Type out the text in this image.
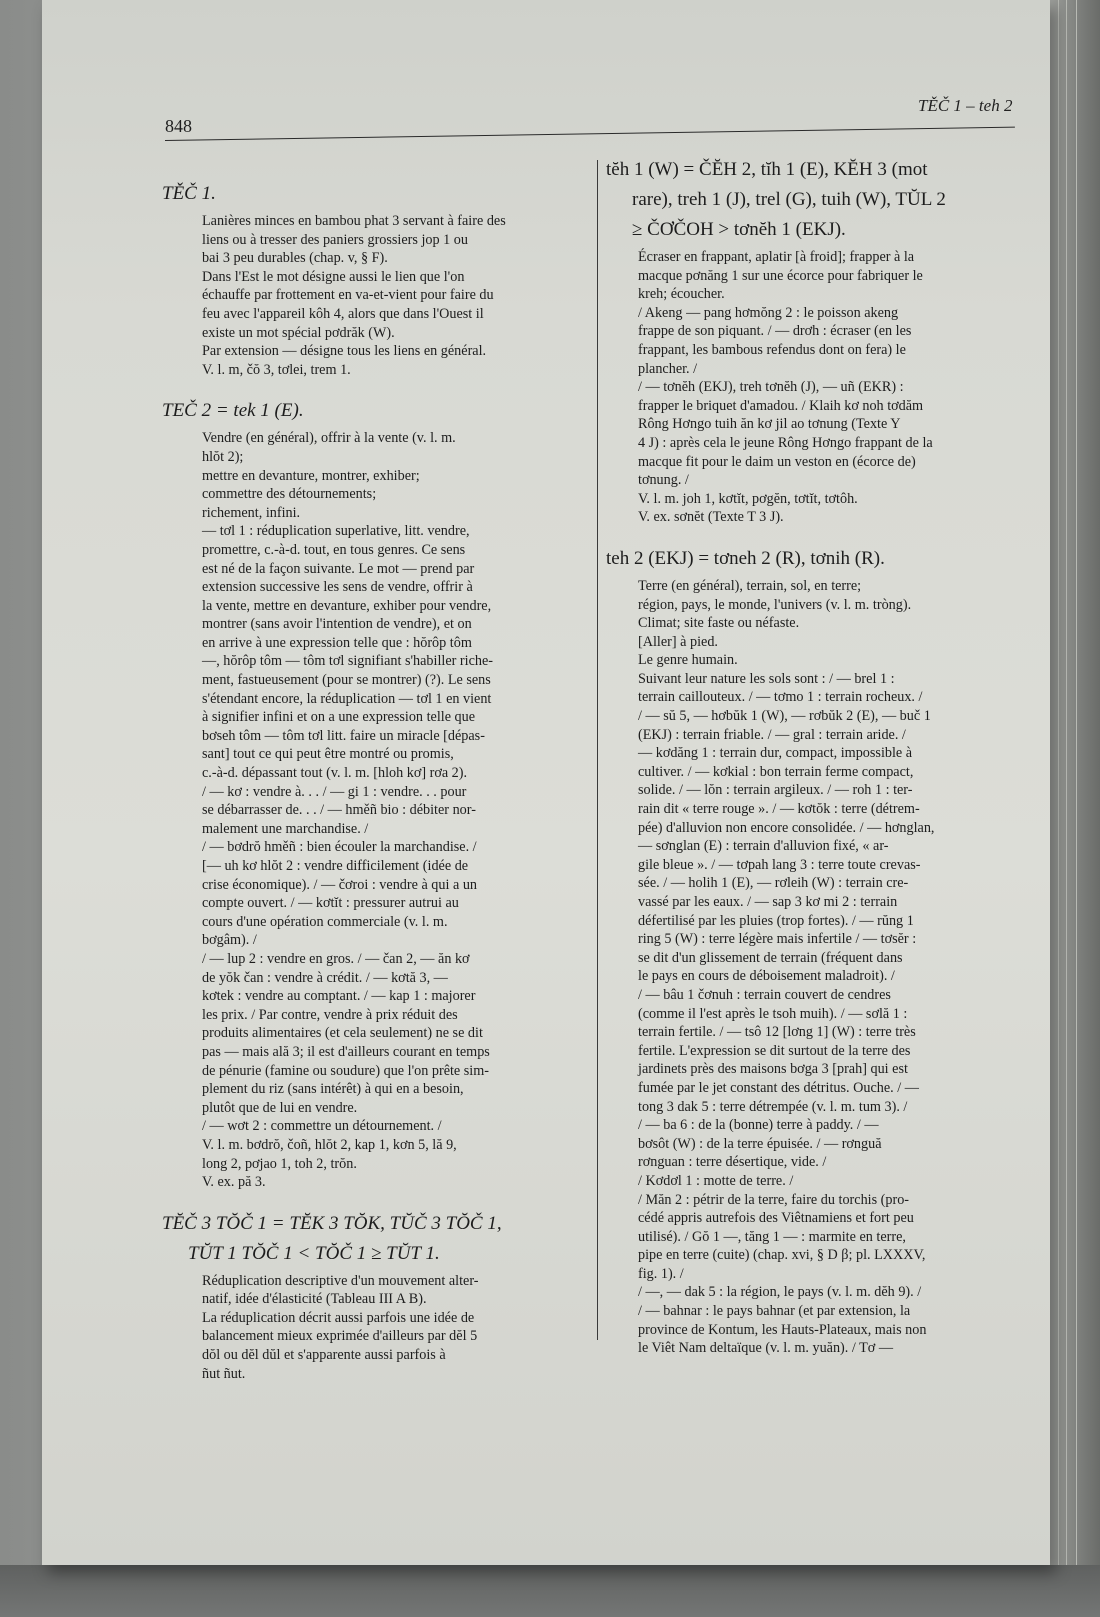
TĚČ 1 – teh 2
848
TĚČ 1.

Lanières minces en bambou phat 3 servant à faire des

liens ou à tresser des paniers grossiers jop 1 ou

bai 3 peu durables (chap. v, § F).

Dans l'Est le mot désigne aussi le lien que l'on

échauffe par frottement en va-et-vient pour faire du

feu avec l'appareil kôh 4, alors que dans l'Ouest il

existe un mot spécial pơdrăk (W).

Par extension — désigne tous les liens en général.

V. l. m, čŏ 3, tơlei, trem 1.

TEČ 2 = tek 1 (E).

Vendre (en général), offrir à la vente (v. l. m.

hlŏt 2);

mettre en devanture, montrer, exhiber;

commettre des détournements;

richement, infini.

— tơl 1 : réduplication superlative, litt. vendre,

promettre, c.-à-d. tout, en tous genres. Ce sens

est né de la façon suivante. Le mot — prend par

extension successive les sens de vendre, offrir à

la vente, mettre en devanture, exhiber pour vendre,

montrer (sans avoir l'intention de vendre), et on

en arrive à une expression telle que : hŏrôp tôm

—, hŏrôp tôm — tôm tơl signifiant s'habiller riche-

ment, fastueusement (pour se montrer) (?). Le sens

s'étendant encore, la réduplication — tơl 1 en vient

à signifier infini et on a une expression telle que

bơseh tôm — tôm tơl litt. faire un miracle [dépas-

sant] tout ce qui peut être montré ou promis,

c.-à-d. dépassant tout (v. l. m. [hloh kơ] rơa 2).

/ — kơ : vendre à. . . / — gi 1 : vendre. . . pour

se débarrasser de. . . / — hměñ bio : débiter nor-

malement une marchandise. /

/ — bơdrŏ hměñ : bien écouler la marchandise. /

[— uh kơ hlŏt 2 : vendre difficilement (idée de

crise économique). / — čơroi : vendre à qui a un

compte ouvert. / — kơtĭt : pressurer autrui au

cours d'une opération commerciale (v. l. m.

bơgâm). /

/ — lup 2 : vendre en gros. / — čan 2, — ăn kơ

de yŏk čan : vendre à crédit. / — kơtă 3, —

kơtek : vendre au comptant. / — kap 1 : majorer

les prix. / Par contre, vendre à prix réduit des

produits alimentaires (et cela seulement) ne se dit

pas — mais ală 3; il est d'ailleurs courant en temps

de pénurie (famine ou soudure) que l'on prête sim-

plement du riz (sans intérêt) à qui en a besoin,

plutôt que de lui en vendre.

/ — wơt 2 : commettre un détournement. /

V. l. m. bơdrŏ, čoñ, hlŏt 2, kap 1, kơn 5, lă 9,

long 2, pơjao 1, toh 2, trŏn.

V. ex. pă 3.

TĔČ 3 TŎČ 1 = TĔK 3 TŎK, TŬČ 3 TŎČ 1,
TŬT 1 TŎČ 1 < TŎČ 1 ≥ TŬT 1.

Réduplication descriptive d'un mouvement alter-

natif, idée d'élasticité (Tableau III A B).

La réduplication décrit aussi parfois une idée de

balancement mieux exprimée d'ailleurs par dĕl 5

dŏl ou dĕl dŭl et s'apparente aussi parfois à

ñut ñut.

tĕh 1 (W) = ČĔH 2, tĭh 1 (E), KĔH 3 (mot
rare), treh 1 (J), trel (G), tuih (W), TŬL 2
≥ ČƠČOH > tơnĕh 1 (EKJ).

Écraser en frappant, aplatir [à froid]; frapper à la

macque pơnăng 1 sur une écorce pour fabriquer le

kreh; écoucher.

/ Akeng — pang hơmŏng 2 : le poisson akeng

frappe de son piquant. / — drơh : écraser (en les

frappant, les bambous refendus dont on fera) le

plancher. /

/ — tơnĕh (EKJ), treh tơnĕh (J), — uñ (EKR) :

frapper le briquet d'amadou. / Klaih kơ noh tơdăm

Rông Hơngo tuih ăn kơ jil ao tơnung (Texte Y

4 J) : après cela le jeune Rông Hơngo frappant de la

macque fit pour le daim un veston en (écorce de)

tơnung. /

V. l. m. joh 1, kơtĭt, pơgĕn, tơtĭt, tơtôh.

V. ex. sơnĕt (Texte T 3 J).

teh 2 (EKJ) = tơneh 2 (R), tơnih (R).

Terre (en général), terrain, sol, en terre;

région, pays, le monde, l'univers (v. l. m. tròng).

Climat; site faste ou néfaste.

[Aller] à pied.

Le genre humain.

Suivant leur nature les sols sont : / — brel 1 :

terrain caillouteux. / — tơmo 1 : terrain rocheux. /

/ — sŭ 5, — hơbŭk 1 (W), — rơbŭk 2 (E), — buč 1

(EKJ) : terrain friable. / — gral : terrain aride. /

— kơdăng 1 : terrain dur, compact, impossible à

cultiver. / — kơkial : bon terrain ferme compact,

solide. / — lŏn : terrain argileux. / — roh 1 : ter-

rain dit « terre rouge ». / — kơtŏk : terre (détrem-

pée) d'alluvion non encore consolidée. / — hơnglan,

— sơnglan (E) : terrain d'alluvion fixé, « ar-

gile bleue ». / — tơpah lang 3 : terre toute crevas-

sée. / — holih 1 (E), — rơleih (W) : terrain cre-

vassé par les eaux. / — sap 3 kơ mi 2 : terrain

défertilisé par les pluies (trop fortes). / — rŭng 1

ring 5 (W) : terre légère mais infertile / — tơsĕr :

se dit d'un glissement de terrain (fréquent dans

le pays en cours de déboisement maladroit). /

/ — bâu 1 čơnuh : terrain couvert de cendres

(comme il l'est après le tsoh muih). / — sơlă 1 :

terrain fertile. / — tsô 12 [lơng 1] (W) : terre très

fertile. L'expression se dit surtout de la terre des

jardinets près des maisons bơga 3 [prah] qui est

fumée par le jet constant des détritus. Ouche. / —

tong 3 dak 5 : terre détrempée (v. l. m. tum 3). /

/ — ba 6 : de la (bonne) terre à paddy. / —

bơsôt (W) : de la terre épuisée. / — rơnguă

rơnguan : terre désertique, vide. /

/ Kơdơl 1 : motte de terre. /

/ Măn 2 : pétrir de la terre, faire du torchis (pro-

cédé appris autrefois des Viêtnamiens et fort peu

utilisé). / Gŏ 1 —, tăng 1 — : marmite en terre,

pipe en terre (cuite) (chap. xvi, § D β; pl. LXXXV,

fig. 1). /

/ —, — dak 5 : la région, le pays (v. l. m. dĕh 9). /

/ — bahnar : le pays bahnar (et par extension, la

province de Kontum, les Hauts-Plateaux, mais non

le Viêt Nam deltaïque (v. l. m. yuăn). / Tơ —
